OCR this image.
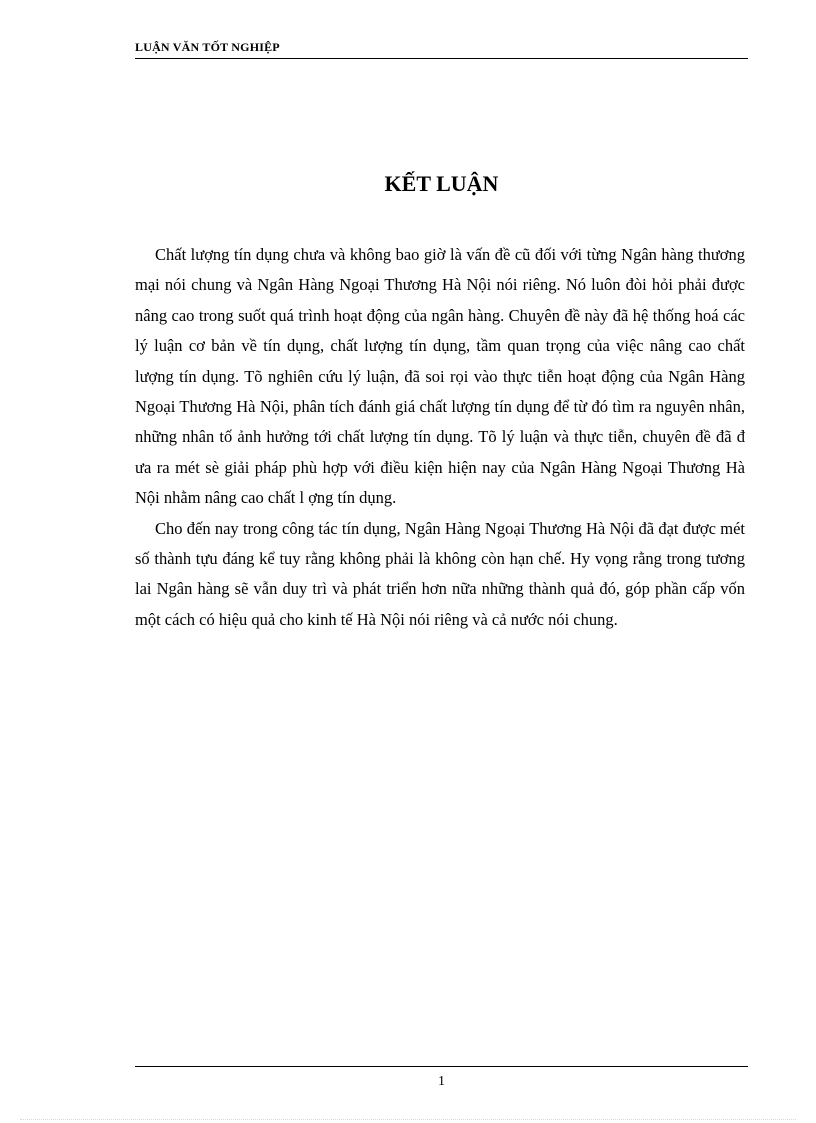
LUẬN VĂN TỐT NGHIỆP
KẾT LUẬN

Chất lượng tín dụng chưa và không bao giờ là vấn đề cũ đối với từng Ngân hàng thương mại nói chung và Ngân Hàng Ngoại Thương Hà Nội nói riêng. Nó luôn đòi hỏi phải được nâng cao trong suốt quá trình hoạt động của ngân hàng. Chuyên đề này đã hệ thống hoá các lý luận cơ bản về tín dụng, chất lượng tín dụng, tầm quan trọng của việc nâng cao chất lượng tín dụng. Tõ nghiên cứu lý luận, đã soi rọi vào thực tiễn hoạt động của Ngân Hàng Ngoại Thương Hà Nội, phân tích đánh giá chất lượng tín dụng để từ đó tìm ra nguyên nhân, những nhân tố ảnh hưởng tới chất lượng tín dụng. Tõ lý luận và thực tiễn, chuyên đề đã đ ưa ra mét sè giải pháp phù hợp với điều kiện hiện nay của Ngân Hàng Ngoại Thương Hà Nội nhằm nâng cao chất l ợng tín dụng.

Cho đến nay trong công tác tín dụng, Ngân Hàng Ngoại Thương Hà Nội đã đạt được mét số thành tựu đáng kể tuy rằng không phải là không còn hạn chế. Hy vọng rằng trong tương lai Ngân hàng sẽ vẫn duy trì và phát triển hơn nữa những thành quả đó, góp phần cấp vốn một cách có hiệu quả cho kinh tế Hà Nội nói riêng và cả nước nói chung.

1
